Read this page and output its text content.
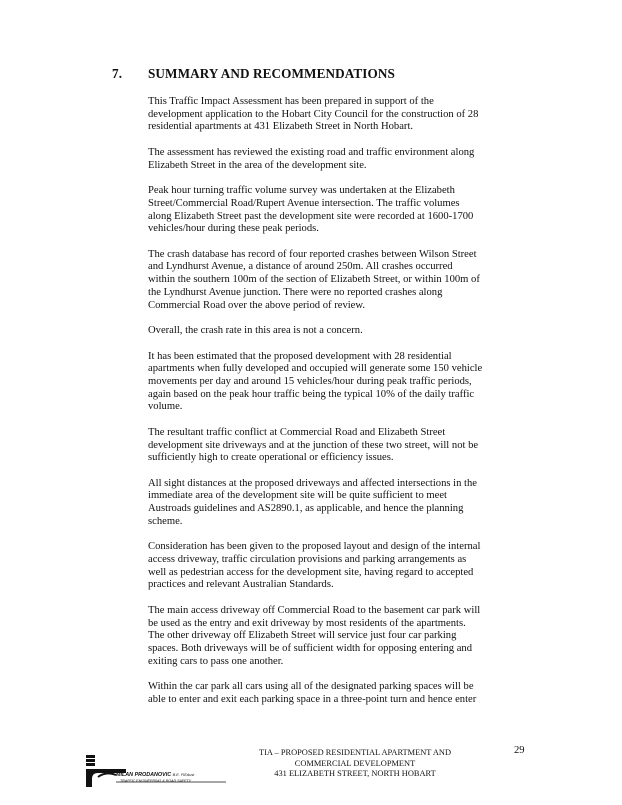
7. SUMMARY AND RECOMMENDATIONS

This Traffic Impact Assessment has been prepared in support of the
development application to the Hobart City Council for the construction of 28
residential apartments at 431 Elizabeth Street in North Hobart.

The assessment has reviewed the existing road and traffic environment along
Elizabeth Street in the area of the development site.

Peak hour turning traffic volume survey was undertaken at the Elizabeth
Street/Commercial Road/Rupert Avenue intersection. The traffic volumes
along Elizabeth Street past the development site were recorded at 1600-1700
vehicles/hour during these peak periods.

The crash database has record of four reported crashes between Wilson Street
and Lyndhurst Avenue, a distance of around 250m. All crashes occurred
within the southern 100m of the section of Elizabeth Street, or within 100m of
the Lyndhurst Avenue junction. There were no reported crashes along
Commercial Road over the above period of review.

Overall, the crash rate in this area is not a concern.

It has been estimated that the proposed development with 28 residential
apartments when fully developed and occupied will generate some 150 vehicle
movements per day and around 15 vehicles/hour during peak traffic periods,
again based on the peak hour traffic being the typical 10% of the daily traffic
volume.

The resultant traffic conflict at Commercial Road and Elizabeth Street
development site driveways and at the junction of these two street, will not be
sufficiently high to create operational or efficiency issues.

All sight distances at the proposed driveways and affected intersections in the
immediate area of the development site will be quite sufficient to meet
Austroads guidelines and AS2890.1, as applicable, and hence the planning
scheme.

Consideration has been given to the proposed layout and design of the internal
access driveway, traffic circulation provisions and parking arrangements as
well as pedestrian access for the development site, having regard to accepted
practices and relevant Australian Standards.

The main access driveway off Commercial Road to the basement car park will
be used as the entry and exit driveway by most residents of the apartments.
The other driveway off Elizabeth Street will service just four car parking
spaces. Both driveways will be of sufficient width for opposing entering and
exiting cars to pass one another.

Within the car park all cars using all of the designated parking spaces will be
able to enter and exit each parking space in a three-point turn and hence enter

MILAN PRODANOVIC B.E. FIEAust
TRAFFIC ENGINEERING & ROAD SAFETY
TIA – PROPOSED RESIDENTIAL APARTMENT AND
COMMERCIAL DEVELOPMENT
431 ELIZABETH STREET, NORTH HOBART
29
